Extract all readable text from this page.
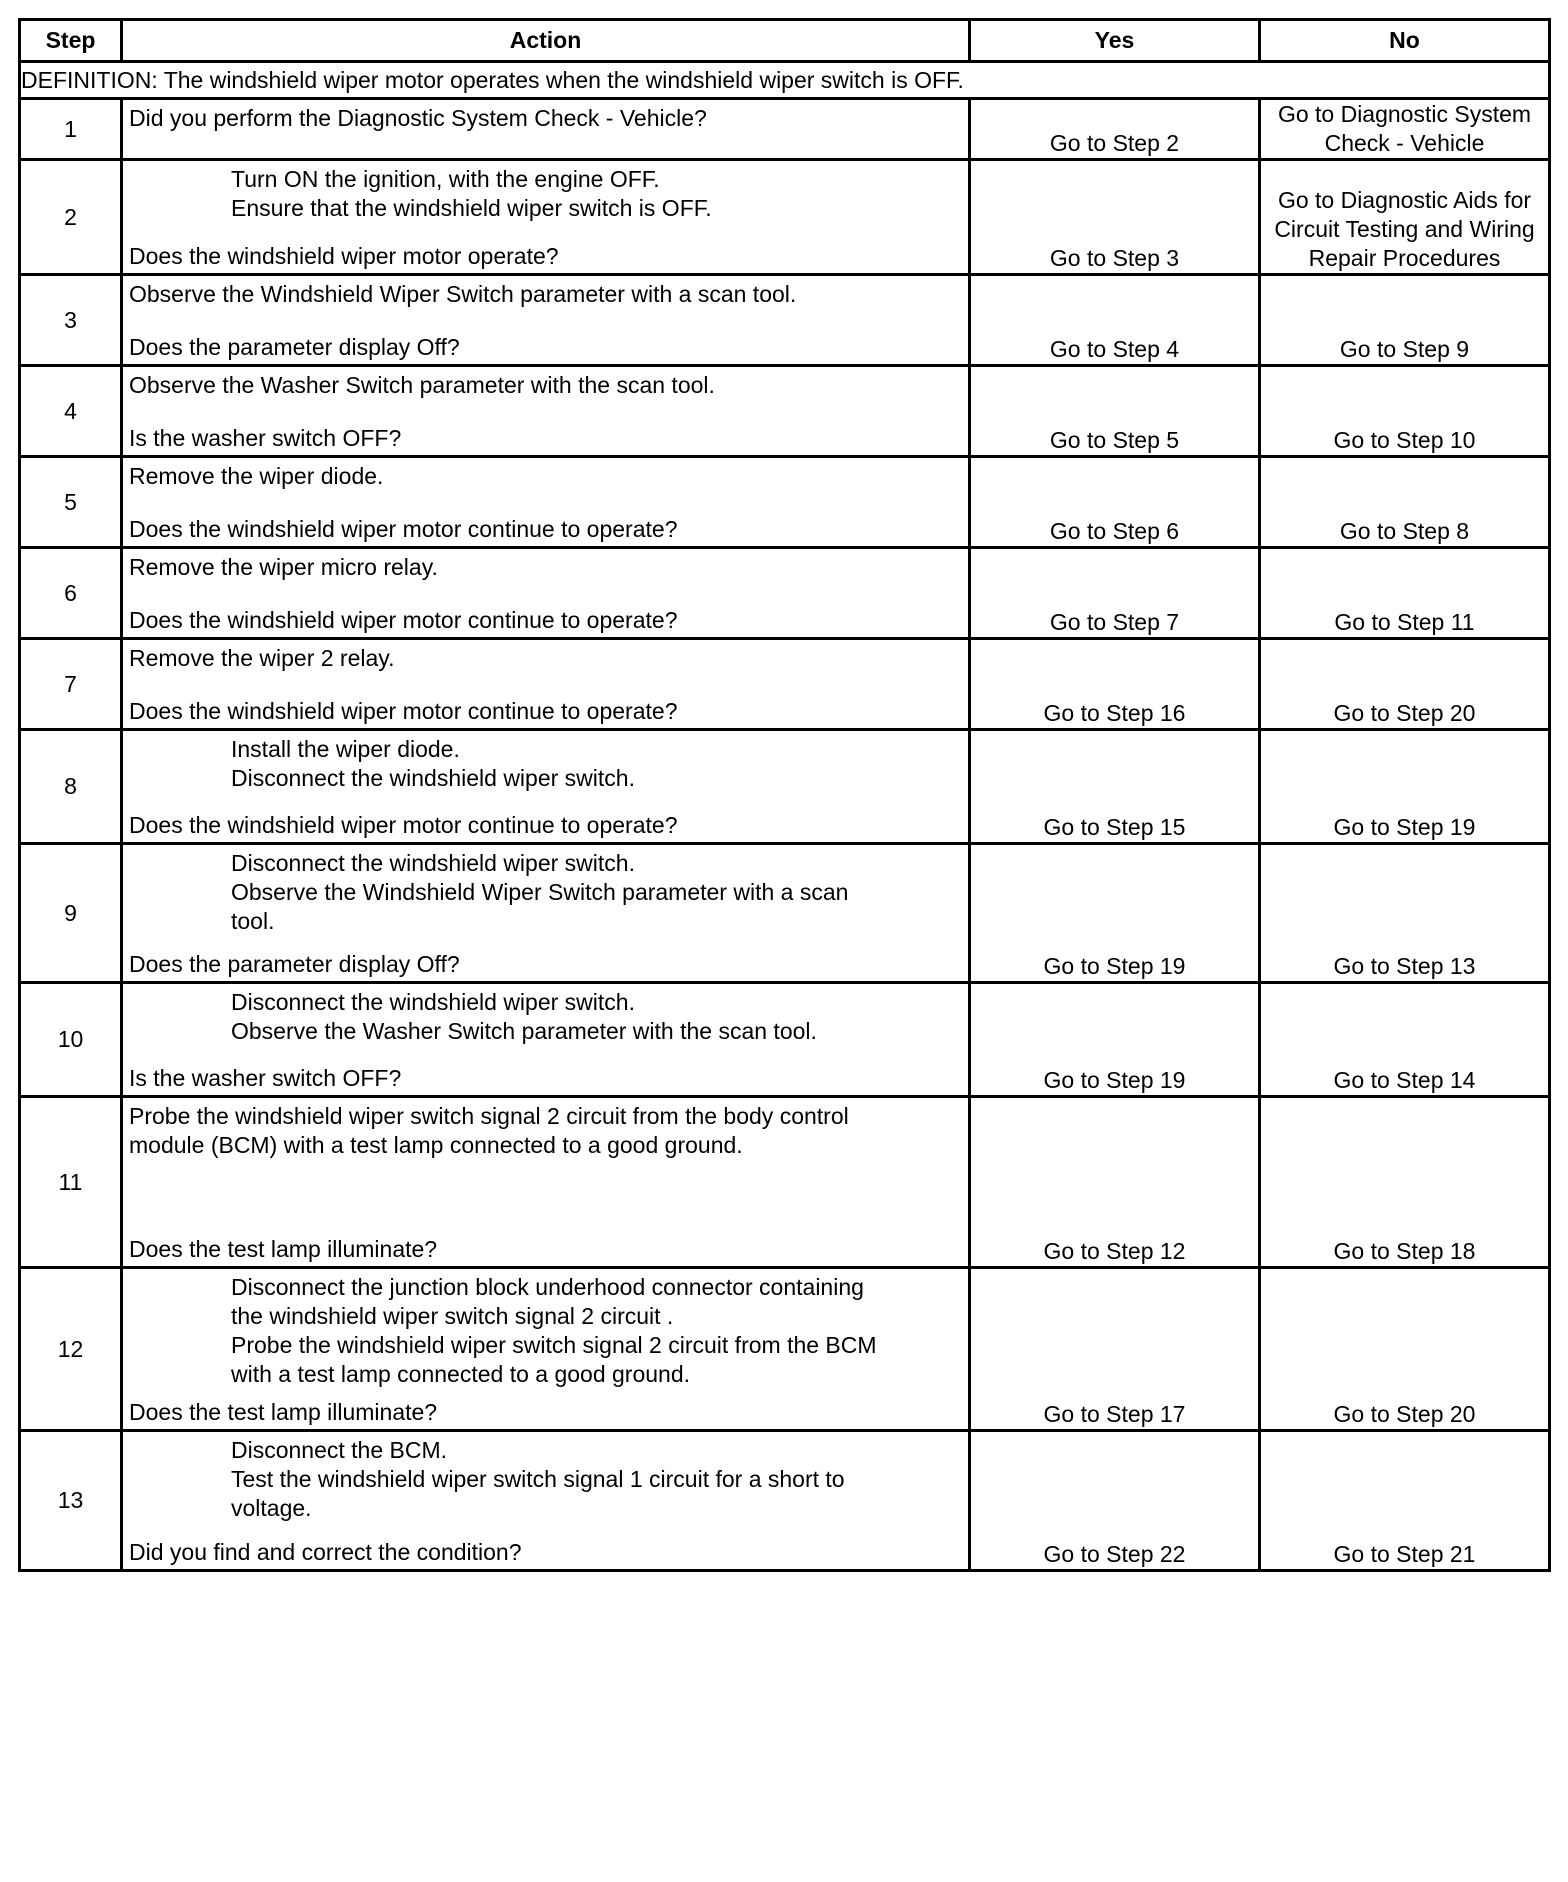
Step	Action	Yes	No
DEFINITION: The windshield wiper motor operates when the windshield wiper switch is OFF.			
1	Did you perform the Diagnostic System Check - Vehicle?	Go to Step 2	Go to Diagnostic System Check - Vehicle
2	Turn ON the ignition, with the engine OFF.
Ensure that the windshield wiper switch is OFF.
Does the windshield wiper motor operate?	Go to Step 3	Go to Diagnostic Aids for Circuit Testing and Wiring Repair Procedures
3	Observe the Windshield Wiper Switch parameter with a scan tool.
Does the parameter display Off?	Go to Step 4	Go to Step 9
4	Observe the Washer Switch parameter with the scan tool.
Is the washer switch OFF?	Go to Step 5	Go to Step 10
5	Remove the wiper diode.
Does the windshield wiper motor continue to operate?	Go to Step 6	Go to Step 8
6	Remove the wiper micro relay.
Does the windshield wiper motor continue to operate?	Go to Step 7	Go to Step 11
7	Remove the wiper 2 relay.
Does the windshield wiper motor continue to operate?	Go to Step 16	Go to Step 20
8	Install the wiper diode.
Disconnect the windshield wiper switch.
Does the windshield wiper motor continue to operate?	Go to Step 15	Go to Step 19
9	Disconnect the windshield wiper switch.
Observe the Windshield Wiper Switch parameter with a scan
tool.
Does the parameter display Off?	Go to Step 19	Go to Step 13
10	Disconnect the windshield wiper switch.
Observe the Washer Switch parameter with the scan tool.
Is the washer switch OFF?	Go to Step 19	Go to Step 14
11	Probe the windshield wiper switch signal 2 circuit from the body control
module (BCM) with a test lamp connected to a good ground.
Does the test lamp illuminate?	Go to Step 12	Go to Step 18
12	Disconnect the junction block underhood connector containing
the windshield wiper switch signal 2 circuit .
Probe the windshield wiper switch signal 2 circuit from the BCM
with a test lamp connected to a good ground.
Does the test lamp illuminate?	Go to Step 17	Go to Step 20
13	Disconnect the BCM.
Test the windshield wiper switch signal 1 circuit for a short to
voltage.
Did you find and correct the condition?	Go to Step 22	Go to Step 21
